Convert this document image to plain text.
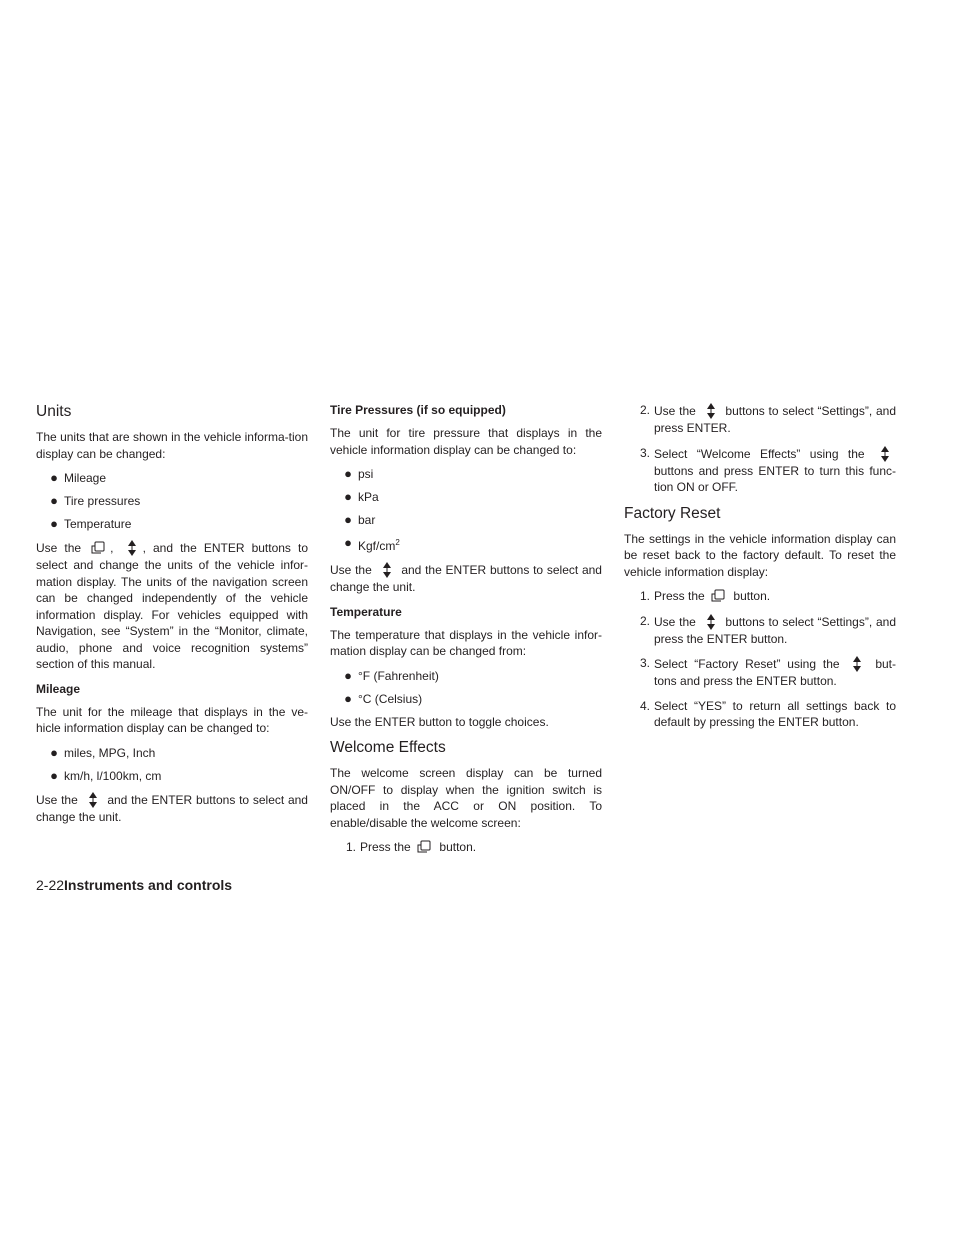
Units

The units that are shown in the vehicle informa-tion display can be changed:

● Mileage
● Tire pressures
● Temperature

Use the , , and the ENTER buttons to select and change the units of the vehicle infor-mation display. The units of the navigation screen can be changed independently of the vehicle information display. For vehicles equipped with Navigation, see “System” in the “Monitor, climate, audio, phone and voice recognition systems” section of this manual.

Mileage

The unit for the mileage that displays in the ve-hicle information display can be changed to:

● miles, MPG, Inch
● km/h, l/100km, cm

Use the and the ENTER buttons to select and change the unit.

Tire Pressures (if so equipped)

The unit for tire pressure that displays in the vehicle information display can be changed to:

● psi
● kPa
● bar
● Kgf/$cm^2$

Use the and the ENTER buttons to select and change the unit.

Temperature

The temperature that displays in the vehicle infor-mation display can be changed from:

● °F (Fahrenheit)
● °C (Celsius)

Use the ENTER button to toggle choices.

Welcome Effects

The welcome screen display can be turned ON/OFF to display when the ignition switch is placed in the ACC or ON position. To enable/disable the welcome screen:

1. Press the button.
2. Use the buttons to select “Settings”, and press ENTER.
3. Select “Welcome Effects” using the  buttons and press ENTER to turn this func-tion ON or OFF.
Factory Reset

The settings in the vehicle information display can be reset back to the factory default. To reset the vehicle information display:

1. Press the button.
2. Use the buttons to select “Settings”, and press the ENTER button.
3. Select “Factory Reset” using the	but-tons and press the ENTER button.
4. Select “YES” to return all settings back to default by pressing the ENTER button.
2-22Instruments and controls
